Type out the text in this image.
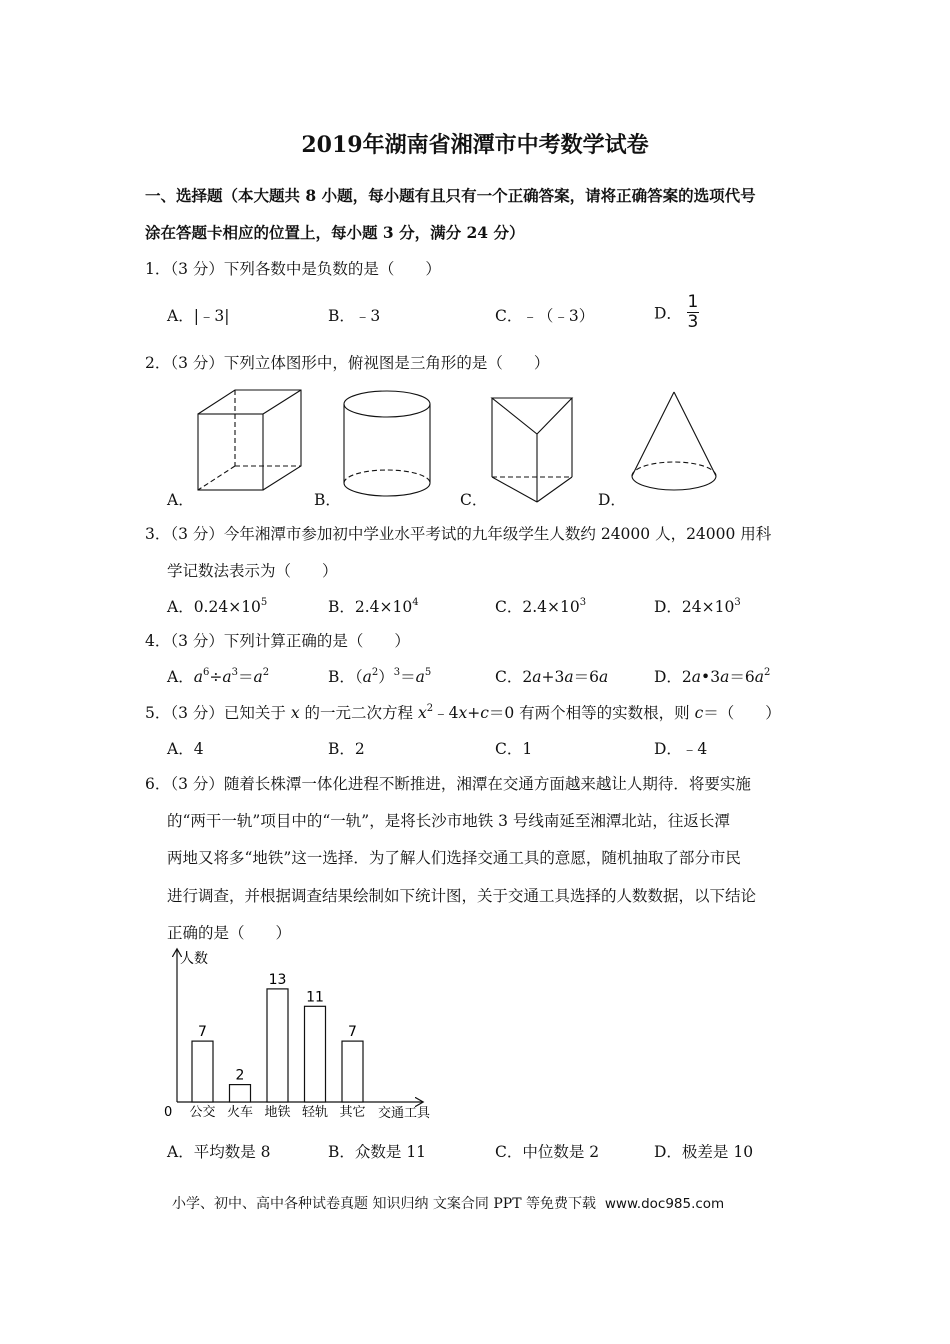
2019年湖南省湘潭市中考数学试卷
一、选择题（本大题共 8 小题，每小题有且只有一个正确答案，请将正确答案的选项代号
涂在答题卡相应的位置上，每小题 3 分，满分 24 分）
1．（3 分）下列各数中是负数的是（　　）
A．|﹣3|	B．﹣3	C．﹣（﹣3）	D． $\frac{1}{3}$
2．（3 分）下列立体图形中，俯视图是三角形的是（　　）
A．	B．	C．	D．
3．（3 分）今年湘潭市参加初中学业水平考试的九年级学生人数约 24000 人，24000 用科
学记数法表示为（　　）
A．$0.24\times 10^5$	B．$2.4\times 10^4$	C．$2.4\times 10^3$	D．$24\times 10^3$
4．（3 分）下列计算正确的是（　　）
A．$a^6\div a^3=a^2$	B．$(a^2)^3=a^5$	C．2a+3a＝6a	D．$2a•3a=6a^2$
5．（3 分）已知关于 x 的一元二次方程 $x^2﹣4x+c=0$ 有两个相等的实数根，则 c＝（　　）
A．4	B．2	C．1	D．﹣4
6．（3 分）随着长株潭一体化进程不断推进，湘潭在交通方面越来越让人期待．将要实施
的“两干一轨”项目中的“一轨”，是将长沙市地铁 3 号线南延至湘潭北站，往返长潭
两地又将多“地铁”这一选择．为了解人们选择交通工具的意愿，随机抽取了部分市民
进行调查，并根据调查结果绘制如下统计图，关于交通工具选择的人数数据，以下结论
正确的是（　　）
人数
0	交通工具
7
公交
2
火车
13
地铁
11
轻轨
7
其它
A．平均数是 8	B．众数是 11	C．中位数是 2	D．极差是 10
小学、初中、高中各种试卷真题 知识归纳 文案合同 PPT 等免费下载 www.doc985.com
